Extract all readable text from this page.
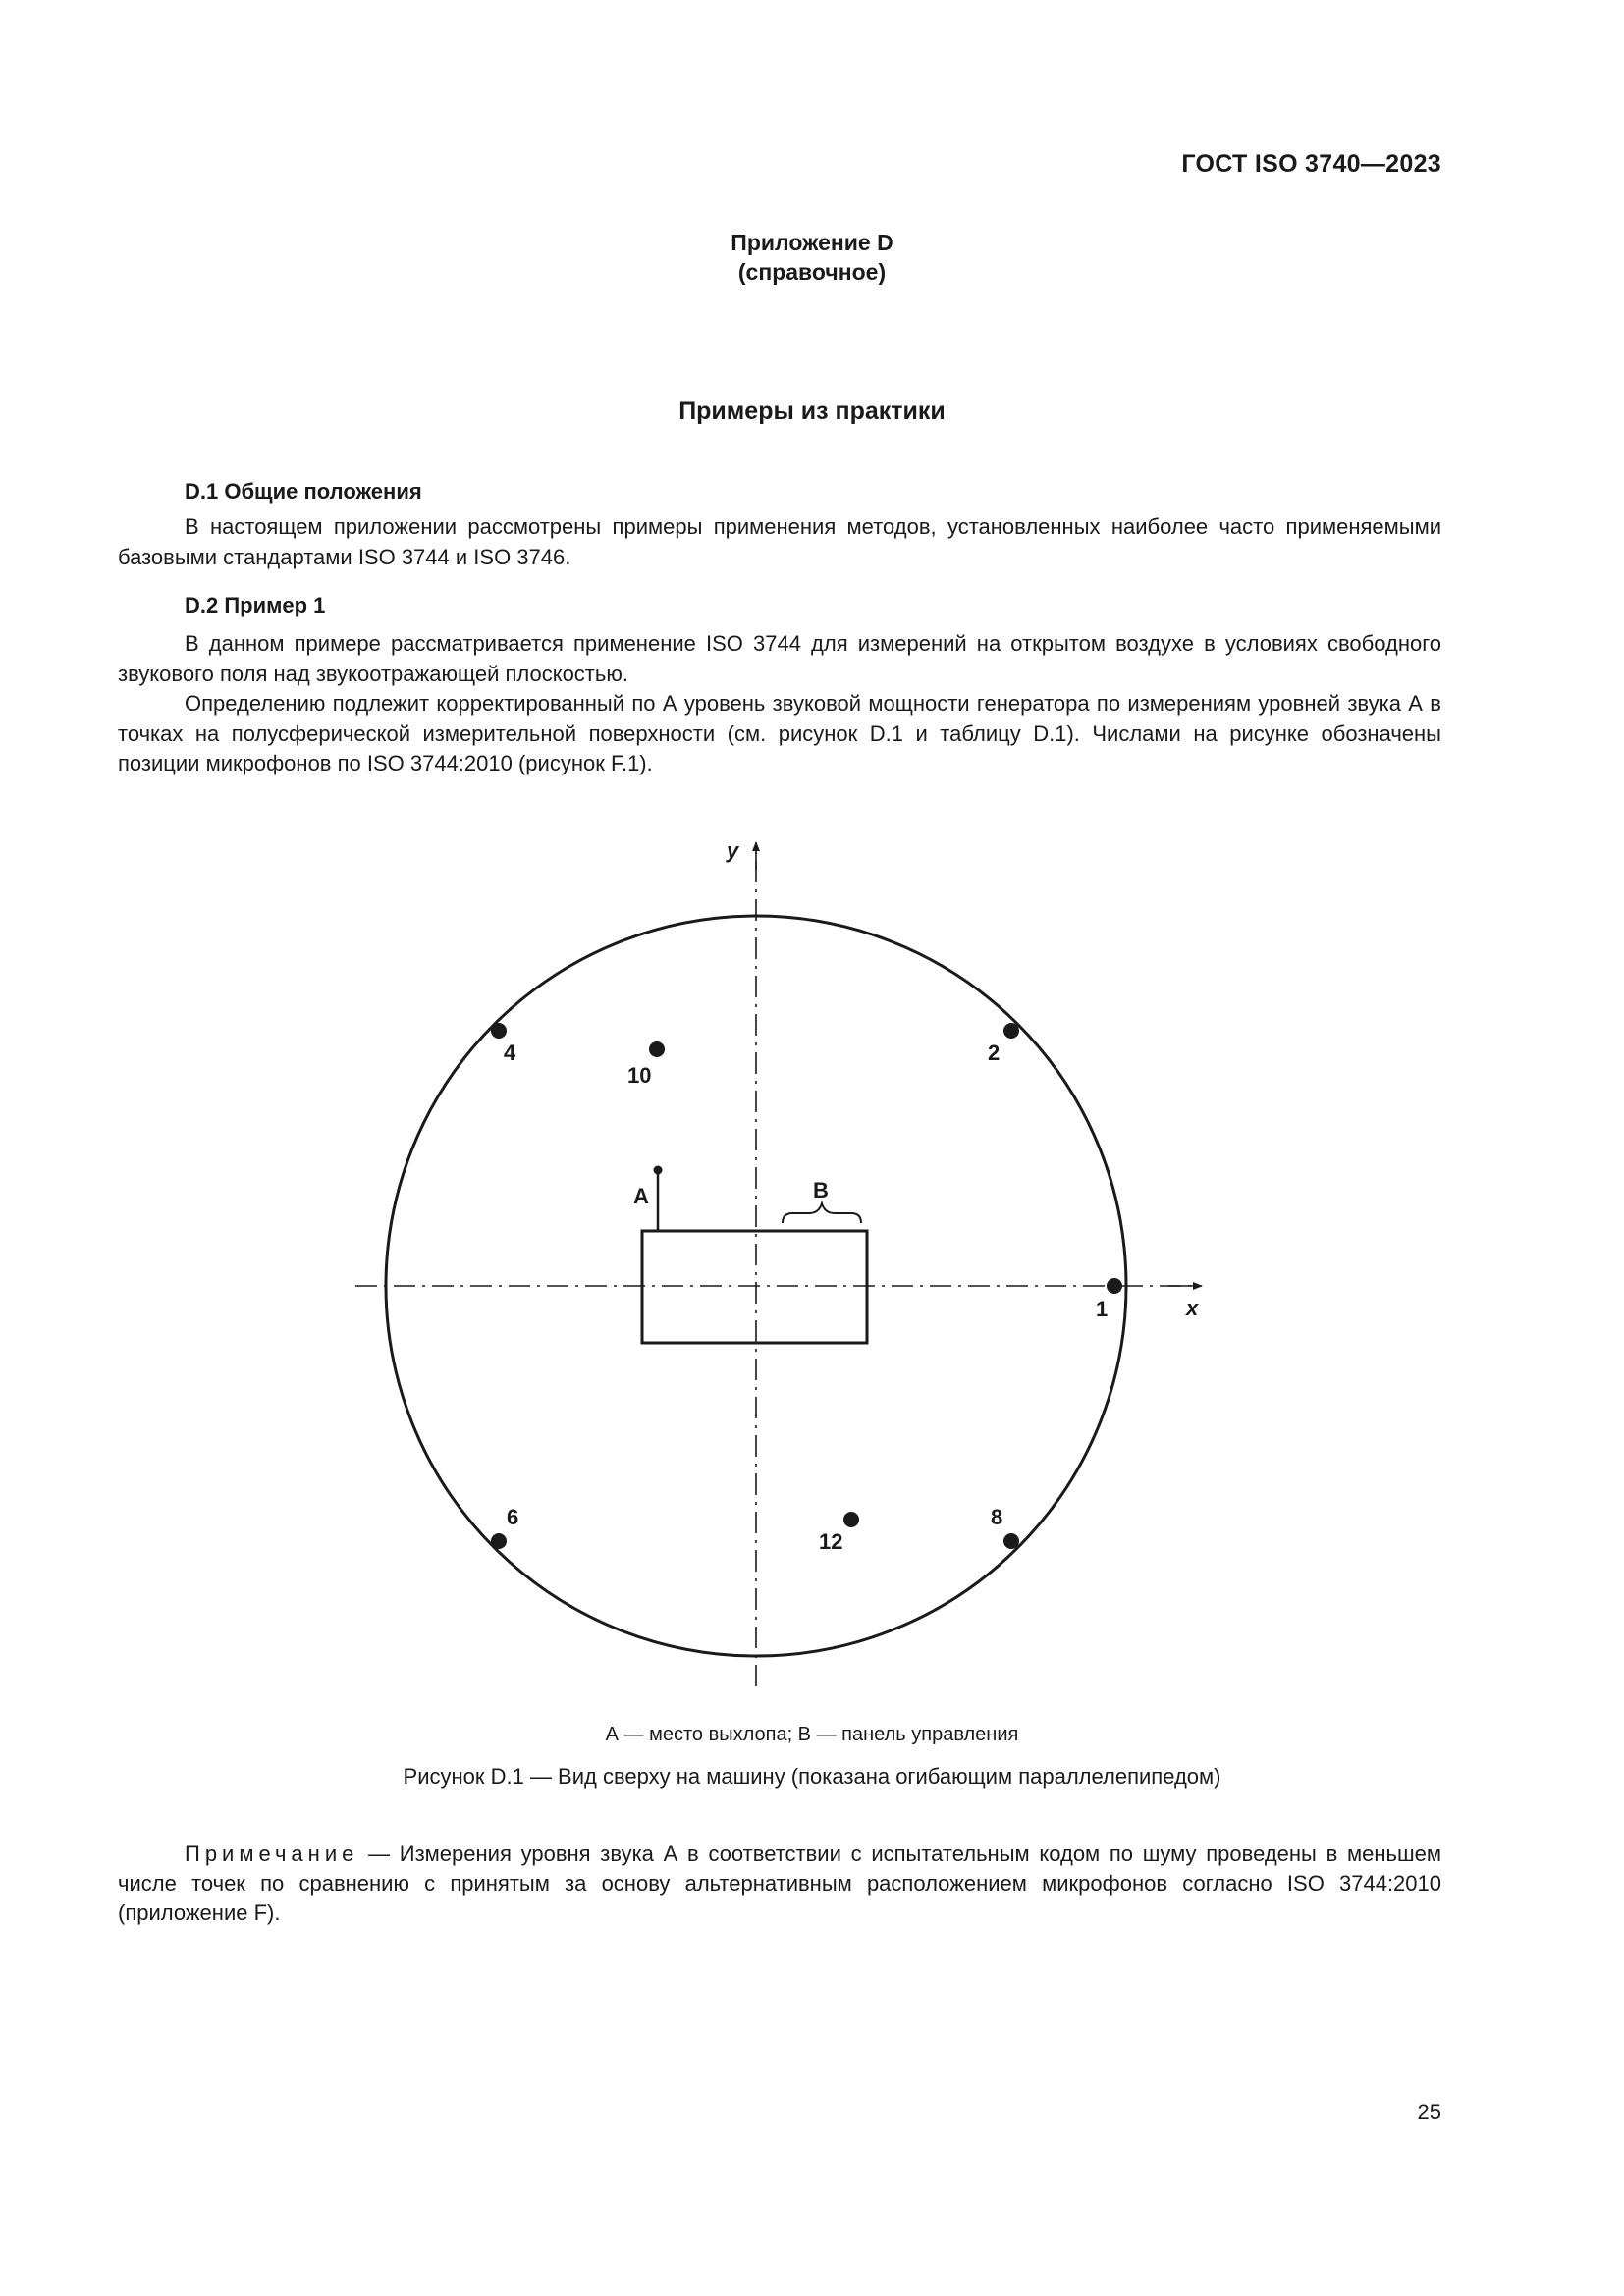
ГОСТ ISO 3740—2023
Приложение D
(справочное)
Примеры из практики
D.1 Общие положения

В настоящем приложении рассмотрены примеры применения методов, установленных наиболее часто применяемыми базовыми стандартами ISO 3744 и ISO 3746.

D.2 Пример 1

В данном примере рассматривается применение ISO 3744 для измерений на открытом воздухе в условиях свободного звукового поля над звукоотражающей плоскостью.

Определению подлежит корректированный по А уровень звуковой мощности генератора по измерениям уровней звука А в точках на полусферической измерительной поверхности (см. рисунок D.1 и таблицу D.1). Числами на рисунке обозначены позиции микрофонов по ISO 3744:2010 (рисунок F.1).

x
y
A	B
1
2
4
6	8
10
12
А — место выхлопа; В — панель управления
Рисунок D.1 — Вид сверху на машину (показана огибающим параллелепипедом)
Примечание — Измерения уровня звука А в соответствии с испытательным кодом по шуму проведены в меньшем числе точек по сравнению с принятым за основу альтернативным расположением микрофонов согласно ISO 3744:2010 (приложение F).
25
